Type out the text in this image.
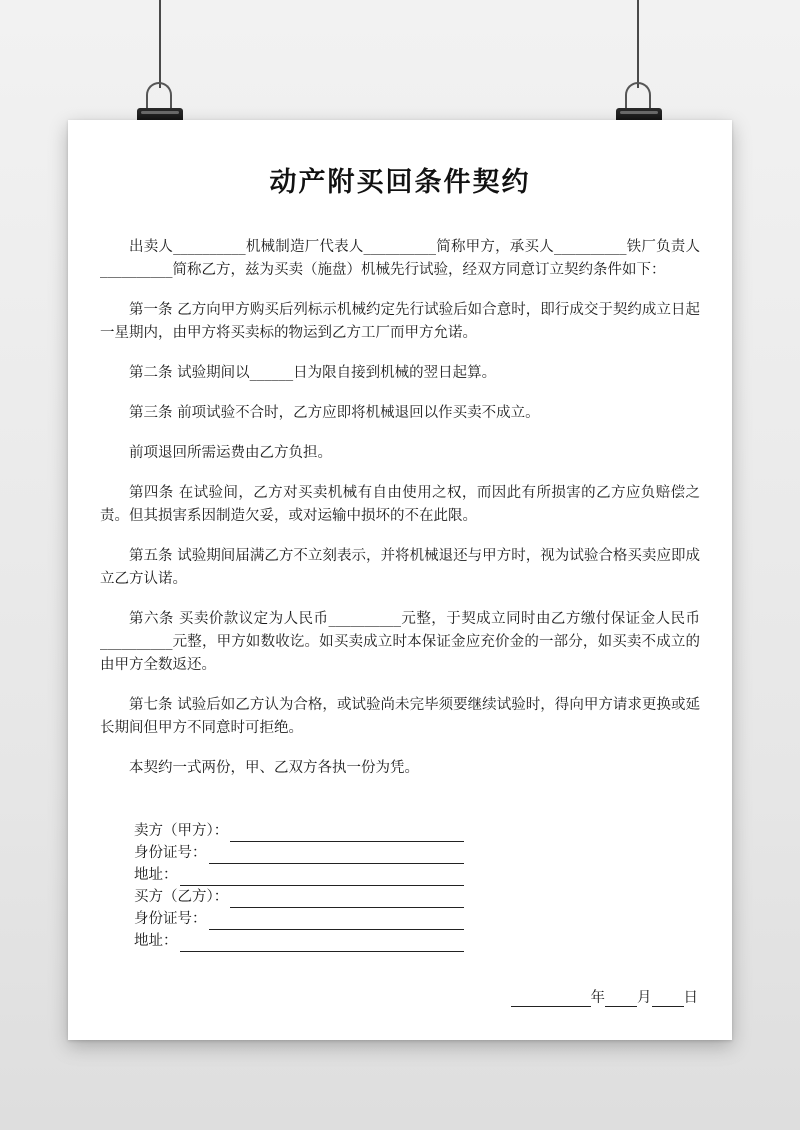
动产附买回条件契约

出卖人__________机械制造厂代表人__________简称甲方，承买人__________铁厂负责人__________简称乙方，兹为买卖（施盘）机械先行试验，经双方同意订立契约条件如下：

第一条 乙方向甲方购买后列标示机械约定先行试验后如合意时，即行成交于契约成立日起一星期内，由甲方将买卖标的物运到乙方工厂而甲方允诺。

第二条 试验期间以______日为限自接到机械的翌日起算。

第三条 前项试验不合时，乙方应即将机械退回以作买卖不成立。

前项退回所需运费由乙方负担。

第四条 在试验间，乙方对买卖机械有自由使用之权，而因此有所损害的乙方应负赔偿之责。但其损害系因制造欠妥，或对运输中损坏的不在此限。

第五条 试验期间届满乙方不立刻表示，并将机械退还与甲方时，视为试验合格买卖应即成立乙方认诺。

第六条 买卖价款议定为人民币__________元整，于契成立同时由乙方缴付保证金人民币__________元整，甲方如数收讫。如买卖成立时本保证金应充价金的一部分，如买卖不成立的由甲方全数返还。

第七条 试验后如乙方认为合格，或试验尚未完毕须要继续试验时，得向甲方请求更换或延长期间但甲方不同意时可拒绝。

本契约一式两份，甲、乙双方各执一份为凭。

卖方（甲方）：
身份证号：
地址：
买方（乙方）：
身份证号：
地址：
年 月 日
